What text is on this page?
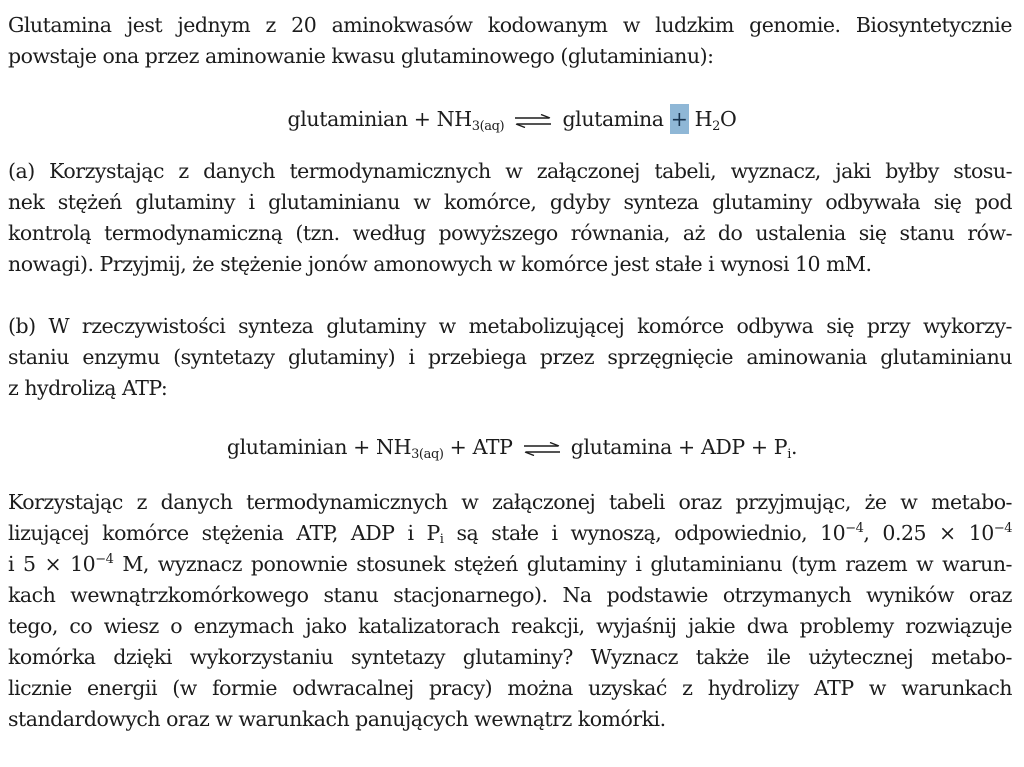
Glutamina jest jednym z 20 aminokwasów kodowanym w ludzkim genomie. Biosyntetycznie
powstaje ona przez aminowanie kwasu glutaminowego (glutaminianu):
glutaminian + $NH_{3(aq)}$ ⇌ glutamina + $H_2O$
(a) Korzystając z danych termodynamicznych w załączonej tabeli, wyznacz, jaki byłby stosu-
nek stężeń glutaminy i glutaminianu w komórce, gdyby synteza glutaminy odbywała się pod
kontrolą termodynamiczną (tzn. według powyższego równania, aż do ustalenia się stanu rów-
nowagi). Przyjmij, że stężenie jonów amonowych w komórce jest stałe i wynosi 10 mM.
(b) W rzeczywistości synteza glutaminy w metabolizującej komórce odbywa się przy wykorzy-
staniu enzymu (syntetazy glutaminy) i przebiega przez sprzęgnięcie aminowania glutaminianu
z hydrolizą ATP:
glutaminian + $NH_{3(aq)}$ + ATP ⇌ glutamina + ADP + $P_i$.
Korzystając z danych termodynamicznych w załączonej tabeli oraz przyjmując, że w metabo-
lizującej komórce stężenia ATP, ADP i $P_i$ są stałe i wynoszą, odpowiednio, $10^{-4}$, $0.25 \times 10^{-4}$
i $5 \times 10^{-4}$ M, wyznacz ponownie stosunek stężeń glutaminy i glutaminianu (tym razem w warun-
kach wewnątrzkomórkowego stanu stacjonarnego). Na podstawie otrzymanych wyników oraz
tego, co wiesz o enzymach jako katalizatorach reakcji, wyjaśnij jakie dwa problemy rozwiązuje
komórka dzięki wykorzystaniu syntetazy glutaminy? Wyznacz także ile użytecznej metabo-
licznie energii (w formie odwracalnej pracy) można uzyskać z hydrolizy ATP w warunkach
standardowych oraz w warunkach panujących wewnątrz komórki.
